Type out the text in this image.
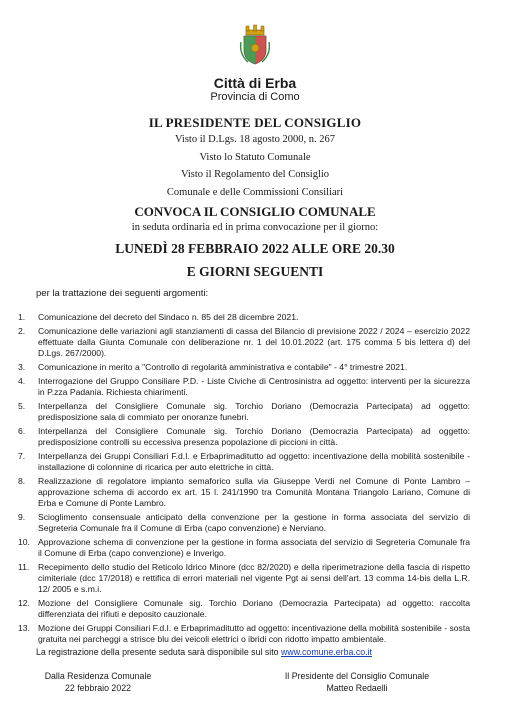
Città di Erba
Provincia di Como
IL PRESIDENTE DEL CONSIGLIO
Visto il D.Lgs. 18 agosto 2000, n. 267
Visto lo Statuto Comunale
Visto il Regolamento del Consiglio
Comunale e delle Commissioni Consiliari
CONVOCA IL CONSIGLIO COMUNALE
in seduta ordinaria ed in prima convocazione per il giorno:
LUNEDÌ 28 FEBBRAIO 2022 ALLE ORE 20.30
E GIORNI SEGUENTI
per la trattazione dei seguenti argomenti:
1. Comunicazione del decreto del Sindaco n. 85 del 28 dicembre 2021.
2. Comunicazione delle variazioni agli stanziamenti di cassa del Bilancio di previsione 2022 / 2024 – esercizio 2022 effettuate dalla Giunta Comunale con deliberazione nr. 1 del 10.01.2022 (art. 175 comma 5 bis lettera d) del D.Lgs. 267/2000).
3. Comunicazione in merito a "Controllo di regolarità amministrativa e contabile" - 4° trimestre 2021.
4. Interrogazione del Gruppo Consiliare P.D. - Liste Civiche di Centrosinistra ad oggetto: interventi per la sicurezza in P.zza Padania. Richiesta chiarimenti.
5. Interpellanza del Consigliere Comunale sig. Torchio Doriano (Democrazia Partecipata) ad oggetto: predisposizione sala di commiato per onoranze funebri.
6. Interpellanza del Consigliere Comunale sig. Torchio Doriano (Democrazia Partecipata) ad oggetto: predisposizione controlli su eccessiva presenza popolazione di piccioni in città.
7. Interpellanza dei Gruppi Consiliari F.d.I. e Erbaprimaditutto ad oggetto: incentivazione della mobilità sostenibile - installazione di colonnine di ricarica per auto elettriche in città.
8. Realizzazione di regolatore impianto semaforico sulla via Giuseppe Verdi nel Comune di Ponte Lambro – approvazione schema di accordo ex art. 15 l. 241/1990 tra Comunità Montana Triangolo Lariano, Comune di Erba e Comune di Ponte Lambro.
9. Scioglimento consensuale anticipato della convenzione per la gestione in forma associata del servizio di Segreteria Comunale fra il Comune di Erba (capo convenzione) e Nerviano.
10. Approvazione schema di convenzione per la gestione in forma associata del servizio di Segreteria Comunale fra il Comune di Erba (capo convenzione) e Inverigo.
11. Recepimento dello studio del Reticolo Idrico Minore (dcc 82/2020) e della riperimetrazione della fascia di rispetto cimiteriale (dcc 17/2018) e rettifica di errori materiali nel vigente Pgt ai sensi dell’art. 13 comma 14-bis della L.R. 12/ 2005 e s.m.i.
12. Mozione del Consigliere Comunale sig. Torchio Doriano (Democrazia Partecipata) ad oggetto: raccolta differenziata dei rifiuti e deposito cauzionale.
13. Mozione dei Gruppi Consiliari F.d.I. e Erbaprimaditutto ad oggetto: incentivazione della mobilità sostenibile - sosta gratuita nei parcheggi a strisce blu dei veicoli elettrici o ibridi con ridotto impatto ambientale.
La registrazione della presente seduta sarà disponibile sul sito www.comune.erba.co.it
Dalla Residenza Comunale
22 febbraio 2022
Il Presidente del Consiglio Comunale
Matteo Redaelli
